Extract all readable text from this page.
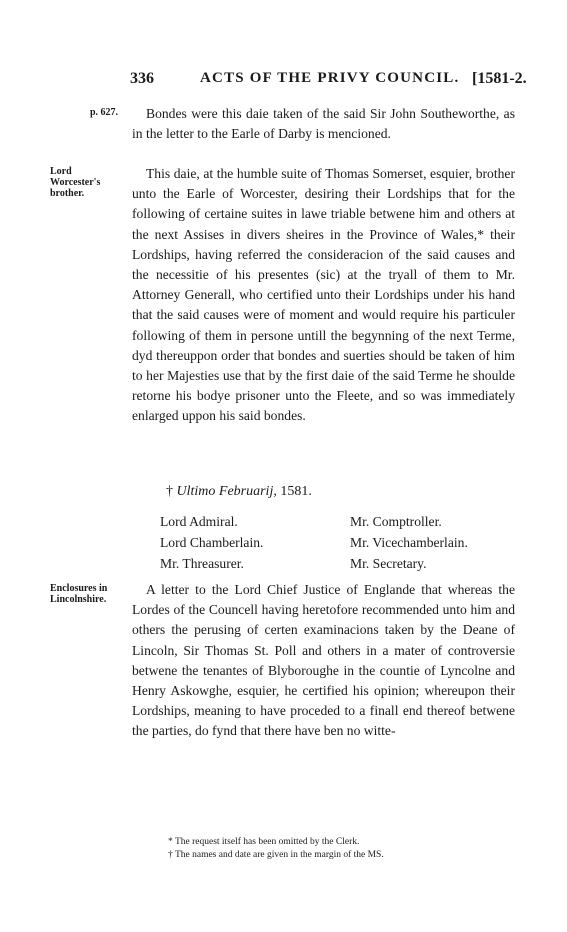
336	ACTS OF THE PRIVY COUNCIL. [1581-2.
p. 627.	Bondes were this daie taken of the said Sir John Southeworthe, as in the letter to the Earle of Darby is mencioned.

Lord Worcester's brother.

This daie, at the humble suite of Thomas Somerset, esquier, brother unto the Earle of Worcester, desiring their Lordships that for the following of certaine suites in lawe triable betwene him and others at the next Assises in divers sheires in the Province of Wales,* their Lordships, having referred the consideracion of the said causes and the necessitie of his presentes (sic) at the tryall of them to Mr. Attorney Generall, who certified unto their Lordships under his hand that the said causes were of moment and would require his particuler following of them in persone untill the begynning of the next Terme, dyd thereuppon order that bondes and suerties should be taken of him to her Majesties use that by the first daie of the said Terme he shoulde retorne his bodye prisoner unto the Fleete, and so was immediately enlarged uppon his said bondes.

† Ultimo Februarij, 1581.
Lord Admiral.
Lord Chamberlain.
Mr. Threasurer.
Mr. Comptroller.
Mr. Vicechamberlain.
Mr. Secretary.
Enclosures in Lincolnshire.

A letter to the Lord Chief Justice of Englande that whereas the Lordes of the Councell having heretofore recommended unto him and others the perusing of certen examinacions taken by the Deane of Lincoln, Sir Thomas St. Poll and others in a mater of controversie betwene the tenantes of Blyboroughe in the countie of Lyncolne and Henry Askowghe, esquier, he certified his opinion; whereupon their Lordships, meaning to have proceded to a finall end thereof betwene the parties, do fynd that there have ben no witte-

* The request itself has been omitted by the Clerk.
† The names and date are given in the margin of the MS.
